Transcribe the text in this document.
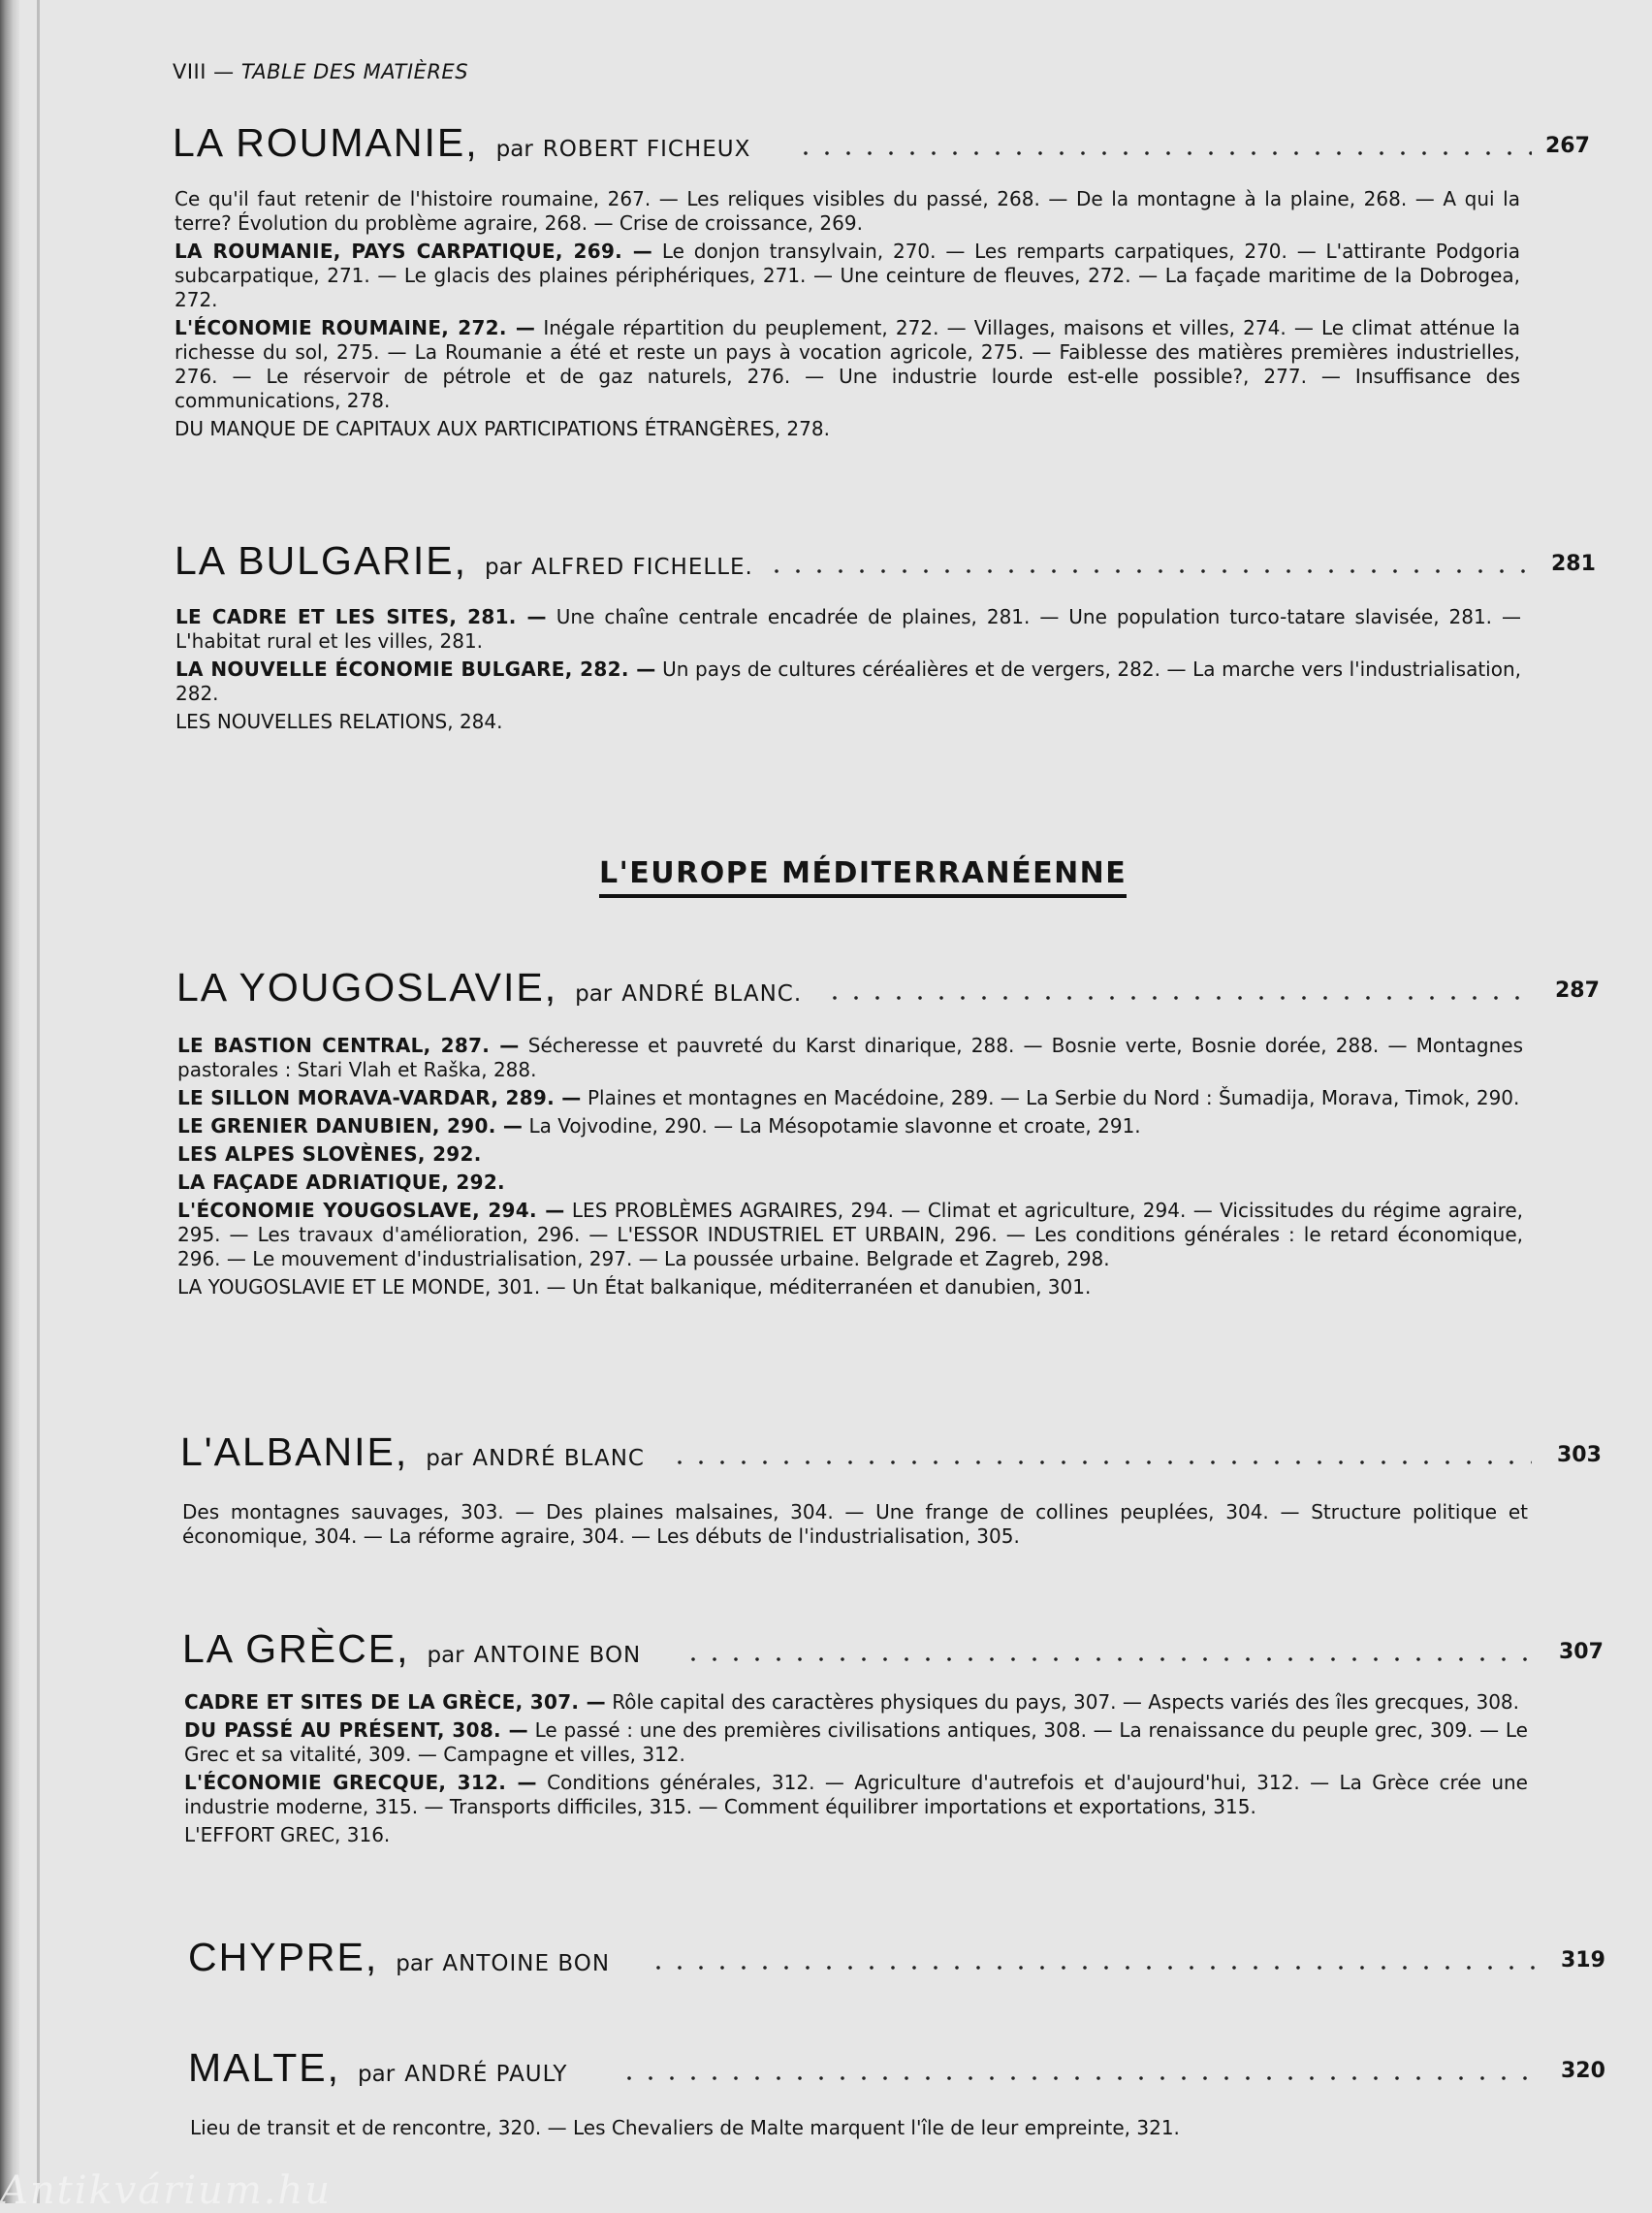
VIII — TABLE DES MATIÈRES
LA ROUMANIE, par ROBERT FICHEUX	267

Ce qu'il faut retenir de l'histoire roumaine, 267. — Les reliques visibles du passé, 268. — De la montagne à la plaine, 268. — A qui la terre? Évolution du problème agraire, 268. — Crise de croissance, 269.

LA ROUMANIE, PAYS CARPATIQUE, 269. — Le donjon transylvain, 270. — Les remparts carpatiques, 270. — L'attirante Podgoria subcarpatique, 271. — Le glacis des plaines périphériques, 271. — Une ceinture de fleuves, 272. — La façade maritime de la Dobrogea, 272.

L'ÉCONOMIE ROUMAINE, 272. — Inégale répartition du peuplement, 272. — Villages, maisons et villes, 274. — Le climat atténue la richesse du sol, 275. — La Roumanie a été et reste un pays à vocation agricole, 275. — Faiblesse des matières premières industrielles, 276. — Le réservoir de pétrole et de gaz naturels, 276. — Une industrie lourde est-elle possible?, 277. — Insuffisance des communications, 278.

DU MANQUE DE CAPITAUX AUX PARTICIPATIONS ÉTRANGÈRES, 278.

LA BULGARIE, par ALFRED FICHELLE.	281

LE CADRE ET LES SITES, 281. — Une chaîne centrale encadrée de plaines, 281. — Une population turco-tatare slavisée, 281. — L'habitat rural et les villes, 281.

LA NOUVELLE ÉCONOMIE BULGARE, 282. — Un pays de cultures céréalières et de vergers, 282. — La marche vers l'industrialisation, 282.

LES NOUVELLES RELATIONS, 284.

L'EUROPE MÉDITERRANÉENNE
LA YOUGOSLAVIE, par ANDRÉ BLANC.	287

LE BASTION CENTRAL, 287. — Sécheresse et pauvreté du Karst dinarique, 288. — Bosnie verte, Bosnie dorée, 288. — Montagnes pastorales : Stari Vlah et Raška, 288.

LE SILLON MORAVA-VARDAR, 289. — Plaines et montagnes en Macédoine, 289. — La Serbie du Nord : Šumadija, Morava, Timok, 290.

LE GRENIER DANUBIEN, 290. — La Vojvodine, 290. — La Mésopotamie slavonne et croate, 291.

LES ALPES SLOVÈNES, 292.

LA FAÇADE ADRIATIQUE, 292.

L'ÉCONOMIE YOUGOSLAVE, 294. — LES PROBLÈMES AGRAIRES, 294. — Climat et agriculture, 294. — Vicissitudes du régime agraire, 295. — Les travaux d'amélioration, 296. — L'ESSOR INDUSTRIEL ET URBAIN, 296. — Les conditions générales : le retard économique, 296. — Le mouvement d'industrialisation, 297. — La poussée urbaine. Belgrade et Zagreb, 298.

LA YOUGOSLAVIE ET LE MONDE, 301. — Un État balkanique, méditerranéen et danubien, 301.

L'ALBANIE, par ANDRÉ BLANC	303

Des montagnes sauvages, 303. — Des plaines malsaines, 304. — Une frange de collines peuplées, 304. — Structure politique et économique, 304. — La réforme agraire, 304. — Les débuts de l'industrialisation, 305.

LA GRÈCE, par ANTOINE BON	307

CADRE ET SITES DE LA GRÈCE, 307. — Rôle capital des caractères physiques du pays, 307. — Aspects variés des îles grecques, 308.

DU PASSÉ AU PRÉSENT, 308. — Le passé : une des premières civilisations antiques, 308. — La renaissance du peuple grec, 309. — Le Grec et sa vitalité, 309. — Campagne et villes, 312.

L'ÉCONOMIE GRECQUE, 312. — Conditions générales, 312. — Agriculture d'autrefois et d'aujourd'hui, 312. — La Grèce crée une industrie moderne, 315. — Transports difficiles, 315. — Comment équilibrer importations et exportations, 315.

L'EFFORT GREC, 316.

CHYPRE, par ANTOINE BON	319
MALTE, par ANDRÉ PAULY	320

Lieu de transit et de rencontre, 320. — Les Chevaliers de Malte marquent l'île de leur empreinte, 321.

Antikvárium.hu
